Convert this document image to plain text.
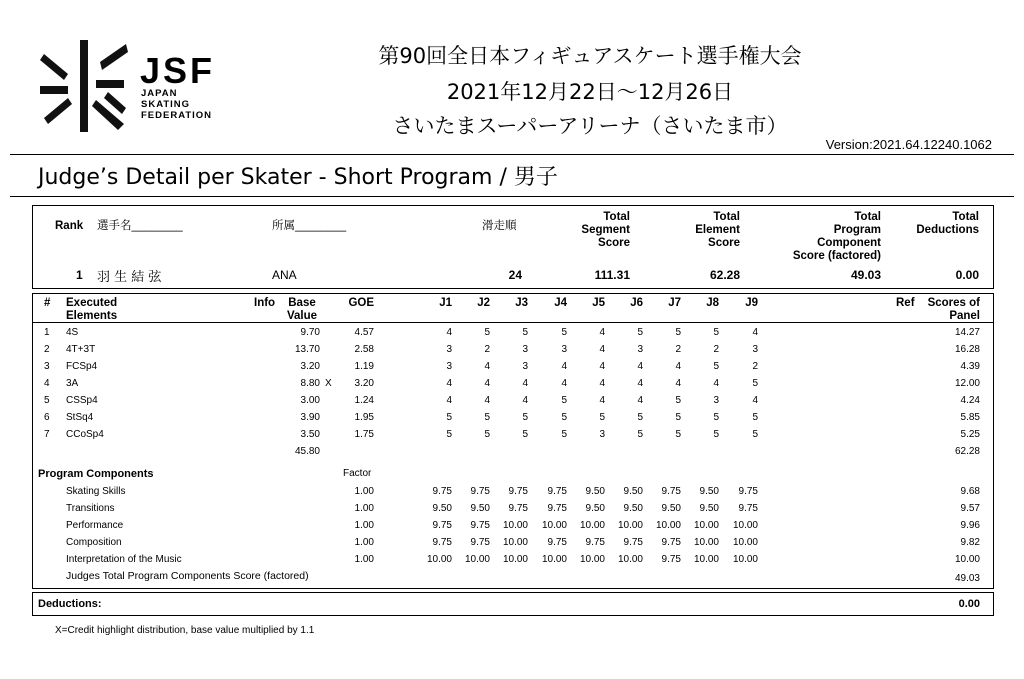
JSF
JAPAN
SKATING
FEDERATION
第90回全日本フィギュアスケート選手権大会
2021年12月22日～12月26日
さいたまスーパーアリーナ（さいたま市）
Version:2021.64.12240.1062
Judge’s Detail per Skater - Short Program / 男子
Rank 選手名________	所属________	滑走順
Total
Segment
Score
Total
Element
Score
Total
Program
Component
Score (factored)
Total
Deductions
1 羽 生 結 弦	ANA	24	111.31	62.28	49.03	0.00
# Executed
Elements
Info	Base
Value
GOE	J1	J2	J3	J4	J5	J6	J7	J8	J9	Ref	Scores of
Panel
1 4S	9.70	4.57	4	5	5	5	4	5	5	5	4	14.27
2 4T+3T	13.70	2.58	3	2	3	3	4	3	2	2	3	16.28
3 FCSp4	3.20	1.19	3	4	3	4	4	4	4	5	2	4.39
4 3A	8.80 X	3.20	4	4	4	4	4	4	4	4	5	12.00
5 CSSp4	3.00	1.24	4	4	4	5	4	4	5	3	4	4.24
6 StSq4	3.90	1.95	5	5	5	5	5	5	5	5	5	5.85
7 CCoSp4	3.50	1.75	5	5	5	5	3	5	5	5	5	5.25
45.80	62.28
Program Components	Factor
Skating Skills	1.00	9.75	9.75	9.75	9.75	9.50	9.50	9.75	9.50	9.75	9.68
Transitions	1.00	9.50	9.50	9.75	9.75	9.50	9.50	9.50	9.50	9.75	9.57
Performance	1.00	9.75	9.75	10.00	10.00	10.00	10.00	10.00	10.00	10.00	9.96
Composition	1.00	9.75	9.75	10.00	9.75	9.75	9.75	9.75	10.00	10.00	9.82
Interpretation of the Music	1.00	10.00	10.00	10.00	10.00	10.00	10.00	9.75	10.00	10.00	10.00
Judges Total Program Components Score (factored)	49.03
Deductions:	0.00
X=Credit highlight distribution, base value multiplied by 1.1
